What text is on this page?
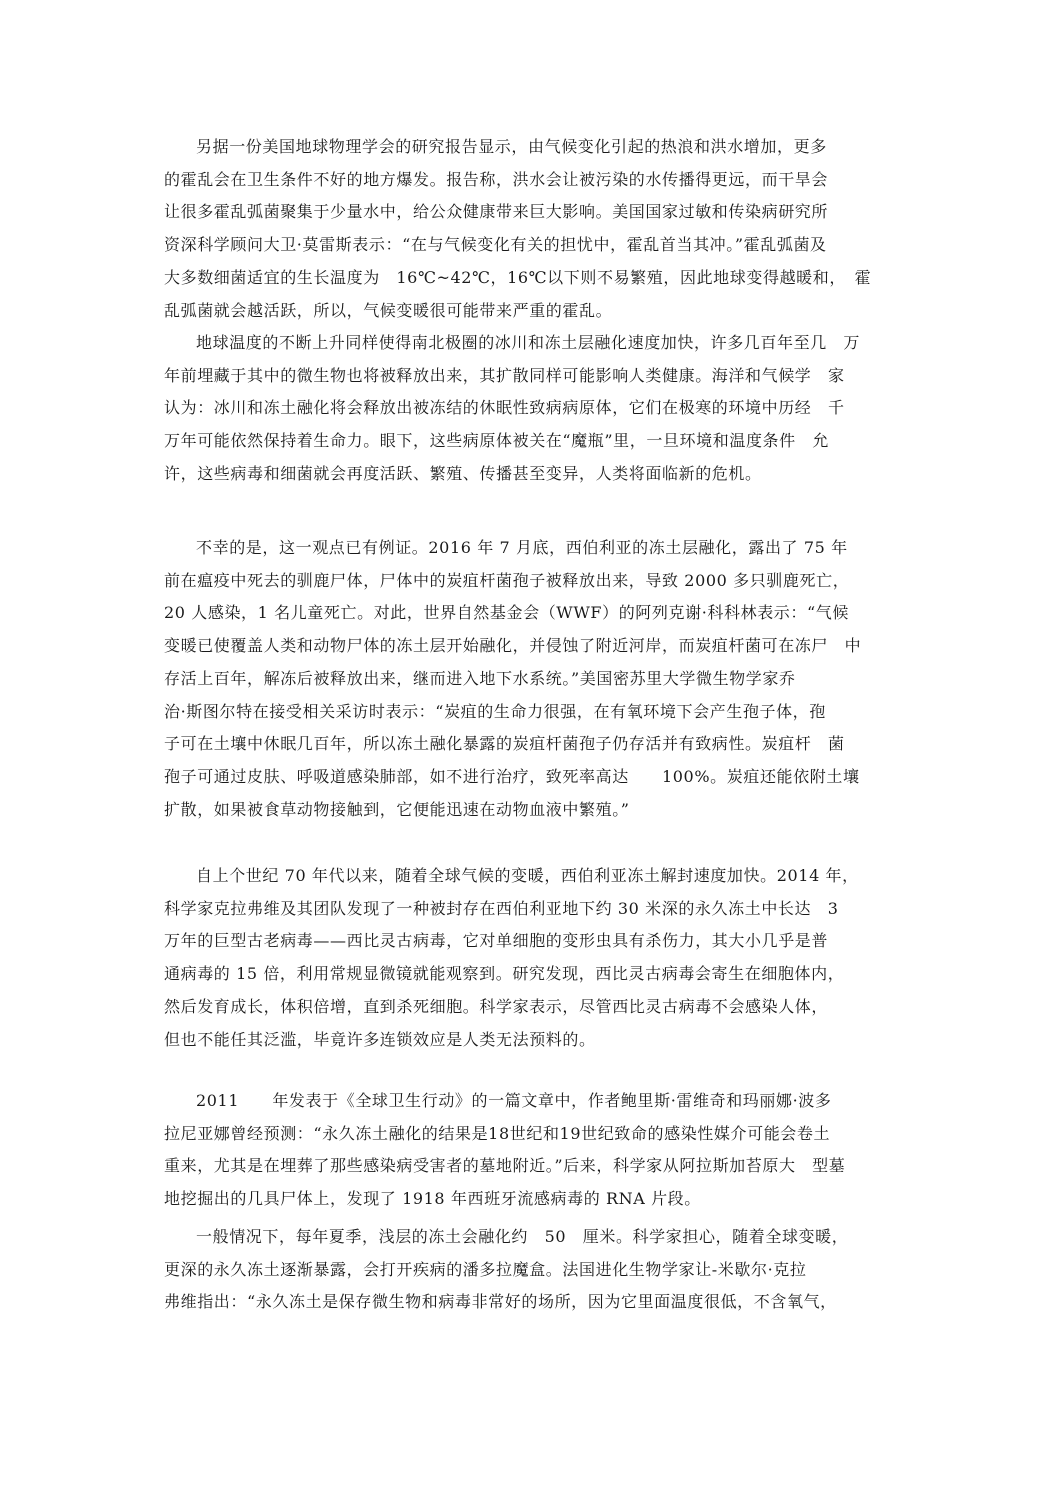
另据一份美国地球物理学会的研究报告显示，由气候变化引起的热浪和洪水增加，更多
的霍乱会在卫生条件不好的地方爆发。报告称，洪水会让被污染的水传播得更远，而干旱会
让很多霍乱弧菌聚集于少量水中，给公众健康带来巨大影响。美国国家过敏和传染病研究所
资深科学顾问大卫·莫雷斯表示：“在与气候变化有关的担忧中，霍乱首当其冲。”霍乱弧菌及
大多数细菌适宜的生长温度为　16℃~42℃，16℃以下则不易繁殖，因此地球变得越暖和，　霍
乱弧菌就会越活跃，所以，气候变暖很可能带来严重的霍乱。
地球温度的不断上升同样使得南北极圈的冰川和冻土层融化速度加快，许多几百年至几　万
年前埋藏于其中的微生物也将被释放出来，其扩散同样可能影响人类健康。海洋和气候学　家
认为：冰川和冻土融化将会释放出被冻结的休眠性致病病原体，它们在极寒的环境中历经　千
万年可能依然保持着生命力。眼下，这些病原体被关在“魔瓶”里，一旦环境和温度条件　允
许，这些病毒和细菌就会再度活跃、繁殖、传播甚至变异，人类将面临新的危机。
不幸的是，这一观点已有例证。2016 年 7 月底，西伯利亚的冻土层融化，露出了 75 年
前在瘟疫中死去的驯鹿尸体，尸体中的炭疽杆菌孢子被释放出来，导致 2000 多只驯鹿死亡，
20 人感染，1 名儿童死亡。对此，世界自然基金会（WWF）的阿列克谢·科科林表示：“气候
变暖已使覆盖人类和动物尸体的冻土层开始融化，并侵蚀了附近河岸，而炭疽杆菌可在冻尸　中
存活上百年，解冻后被释放出来，继而进入地下水系统。”美国密苏里大学微生物学家乔
治·斯图尔特在接受相关采访时表示：“炭疽的生命力很强，在有氧环境下会产生孢子体，孢
子可在土壤中休眠几百年，所以冻土融化暴露的炭疽杆菌孢子仍存活并有致病性。炭疽杆　菌
孢子可通过皮肤、呼吸道感染肺部，如不进行治疗，致死率高达　　100%。炭疽还能依附土壤
扩散，如果被食草动物接触到，它便能迅速在动物血液中繁殖。”
自上个世纪 70 年代以来，随着全球气候的变暖，西伯利亚冻土解封速度加快。2014 年，
科学家克拉弗维及其团队发现了一种被封存在西伯利亚地下约 30 米深的永久冻土中长达　3
万年的巨型古老病毒——西比灵古病毒，它对单细胞的变形虫具有杀伤力，其大小几乎是普
通病毒的 15 倍，利用常规显微镜就能观察到。研究发现，西比灵古病毒会寄生在细胞体内，
然后发育成长，体积倍增，直到杀死细胞。科学家表示，尽管西比灵古病毒不会感染人体，
但也不能任其泛滥，毕竟许多连锁效应是人类无法预料的。
2011　　年发表于《全球卫生行动》的一篇文章中，作者鲍里斯·雷维奇和玛丽娜·波多
拉尼亚娜曾经预测：“永久冻土融化的结果是18世纪和19世纪致命的感染性媒介可能会卷土
重来，尤其是在埋葬了那些感染病受害者的墓地附近。”后来，科学家从阿拉斯加苔原大　型墓
地挖掘出的几具尸体上，发现了 1918 年西班牙流感病毒的 RNA 片段。
一般情况下，每年夏季，浅层的冻土会融化约　50　厘米。科学家担心，随着全球变暖，
更深的永久冻土逐渐暴露，会打开疾病的潘多拉魔盒。法国进化生物学家让-米歇尔·克拉
弗维指出：“永久冻土是保存微生物和病毒非常好的场所，因为它里面温度很低，不含氧气，
